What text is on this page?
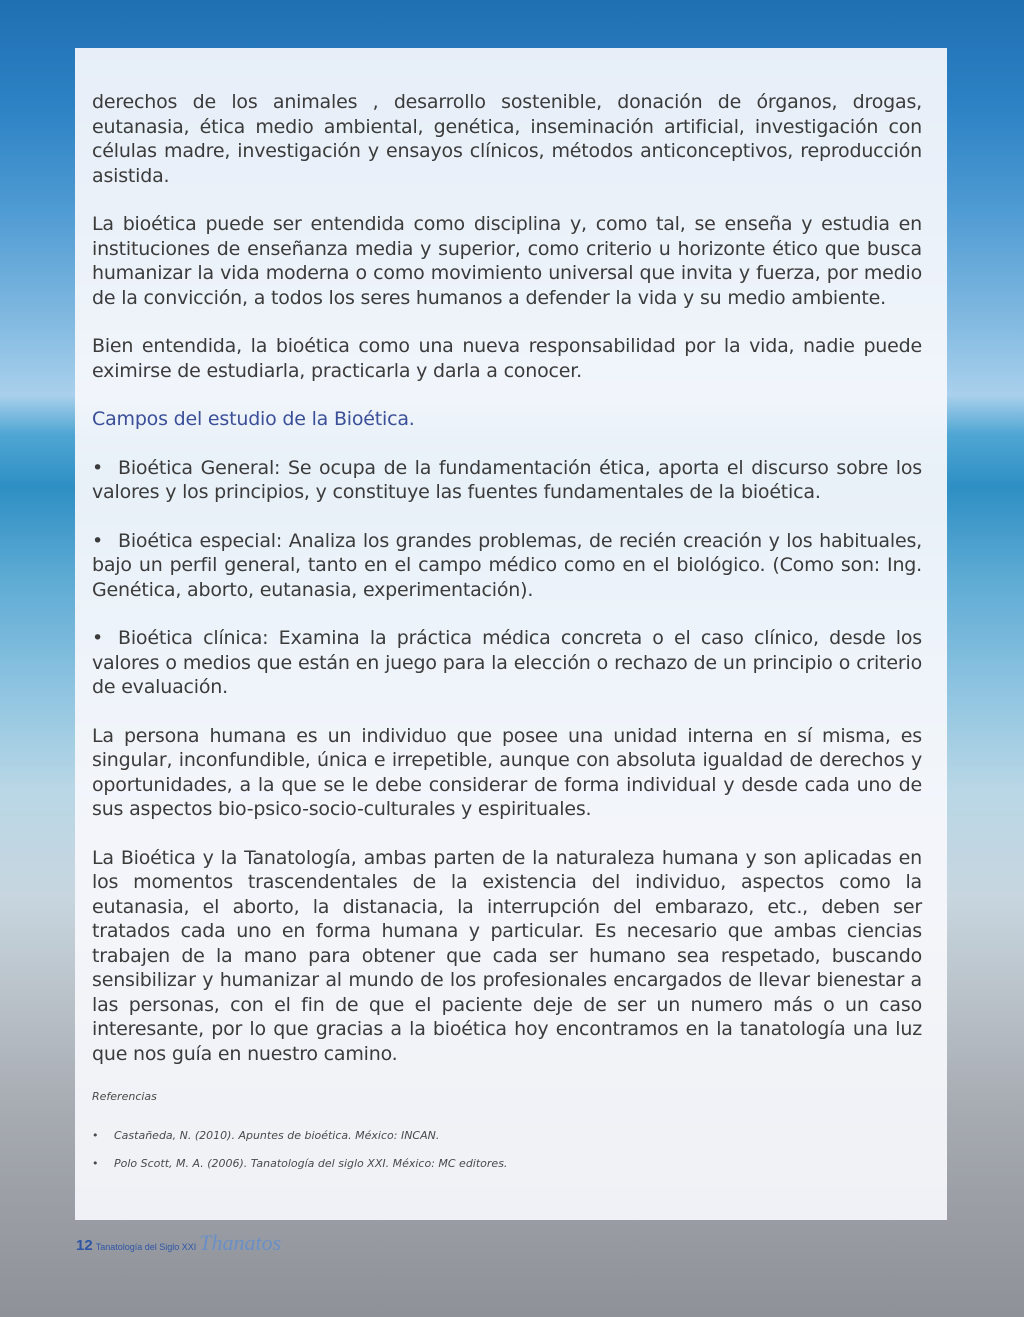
derechos de los animales , desarrollo sostenible, donación de órganos, drogas, eutanasia, ética medio ambiental, genética, inseminación artificial, investigación con células madre, investigación y ensayos clínicos, métodos anticonceptivos, reproducción asistida.

La bioética puede ser entendida como disciplina y, como tal, se enseña y estudia en instituciones de enseñanza media y superior, como criterio u horizonte ético que busca humanizar la vida moderna o como movimiento universal que invita y fuerza, por medio de la convicción, a todos los seres humanos a defender la vida y su medio ambiente.

Bien entendida, la bioética como una nueva responsabilidad por la vida, nadie puede eximirse de estudiarla, practicarla y darla a conocer.

Campos del estudio de la Bioética.

• Bioética General: Se ocupa de la fundamentación ética, aporta el discurso sobre los valores y los principios, y constituye las fuentes fundamentales de la bioética.

• Bioética especial: Analiza los grandes problemas, de recién creación y los habituales, bajo un perfil general, tanto en el campo médico como en el biológico. (Como son: Ing. Genética, aborto, eutanasia, experimentación).

• Bioética clínica: Examina la práctica médica concreta o el caso clínico, desde los valores o medios que están en juego para la elección o rechazo de un principio o criterio de evaluación.

La persona humana es un individuo que posee una unidad interna en sí misma, es singular, inconfundible, única e irrepetible, aunque con absoluta igualdad de derechos y oportunidades, a la que se le debe considerar de forma individual y desde cada uno de sus aspectos bio-psico-socio-culturales y espirituales.

La Bioética y la Tanatología, ambas parten de la naturaleza humana y son aplicadas en los momentos trascendentales de la existencia del individuo, aspectos como la eutanasia, el aborto, la distanacia, la interrupción del embarazo, etc., deben ser tratados cada uno en forma humana y particular. Es necesario que ambas ciencias trabajen de la mano para obtener que cada ser humano sea respetado, buscando sensibilizar y humanizar al mundo de los profesionales encargados de llevar bienestar a las personas, con el fin de que el paciente deje de ser un numero más o un caso interesante, por lo que gracias a la bioética hoy encontramos en la tanatología una luz que nos guía en nuestro camino.

Referencias
•	Castañeda, N. (2010). Apuntes de bioética. México: INCAN.
•	Polo Scott, M. A. (2006). Tanatología del siglo XXI. México: MC editores.
12 Tanatología del Siglo XXI Thanatos
